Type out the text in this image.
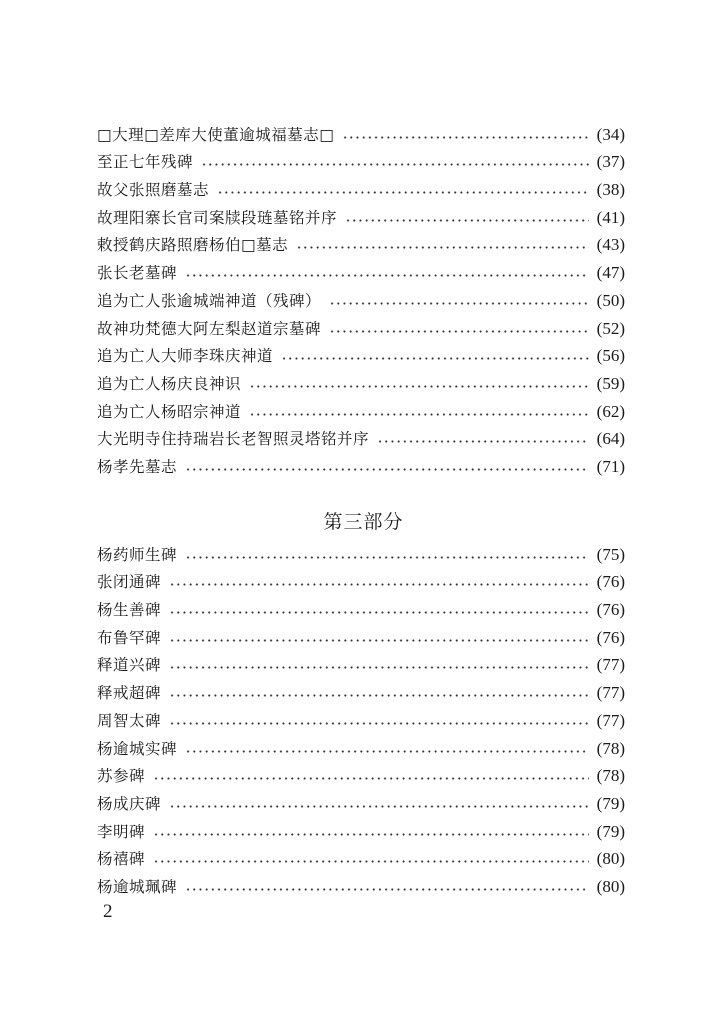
□大理□差库大使董逾城福墓志□	(34)
至正七年残碑	(37)
故父张照磨墓志	(38)
故理阳寨长官司案牍段琏墓铭并序	(41)
敕授鹤庆路照磨杨伯□墓志	(43)
张长老墓碑	(47)
追为亡人张逾城端神道（残碑）	(50)
故神功梵德大阿左梨赵道宗墓碑	(52)
追为亡人大师李珠庆神道	(56)
追为亡人杨庆良神识	(59)
追为亡人杨昭宗神道	(62)
大光明寺住持瑞岩长老智照灵塔铭并序	(64)
杨孝先墓志	(71)
第三部分
杨药师生碑	(75)
张闭通碑	(76)
杨生善碑	(76)
布鲁罕碑	(76)
释道兴碑	(77)
释戒超碑	(77)
周智太碑	(77)
杨逾城实碑	(78)
苏参碑	(78)
杨成庆碑	(79)
李明碑	(79)
杨禧碑	(80)
杨逾城珮碑	(80)
2
